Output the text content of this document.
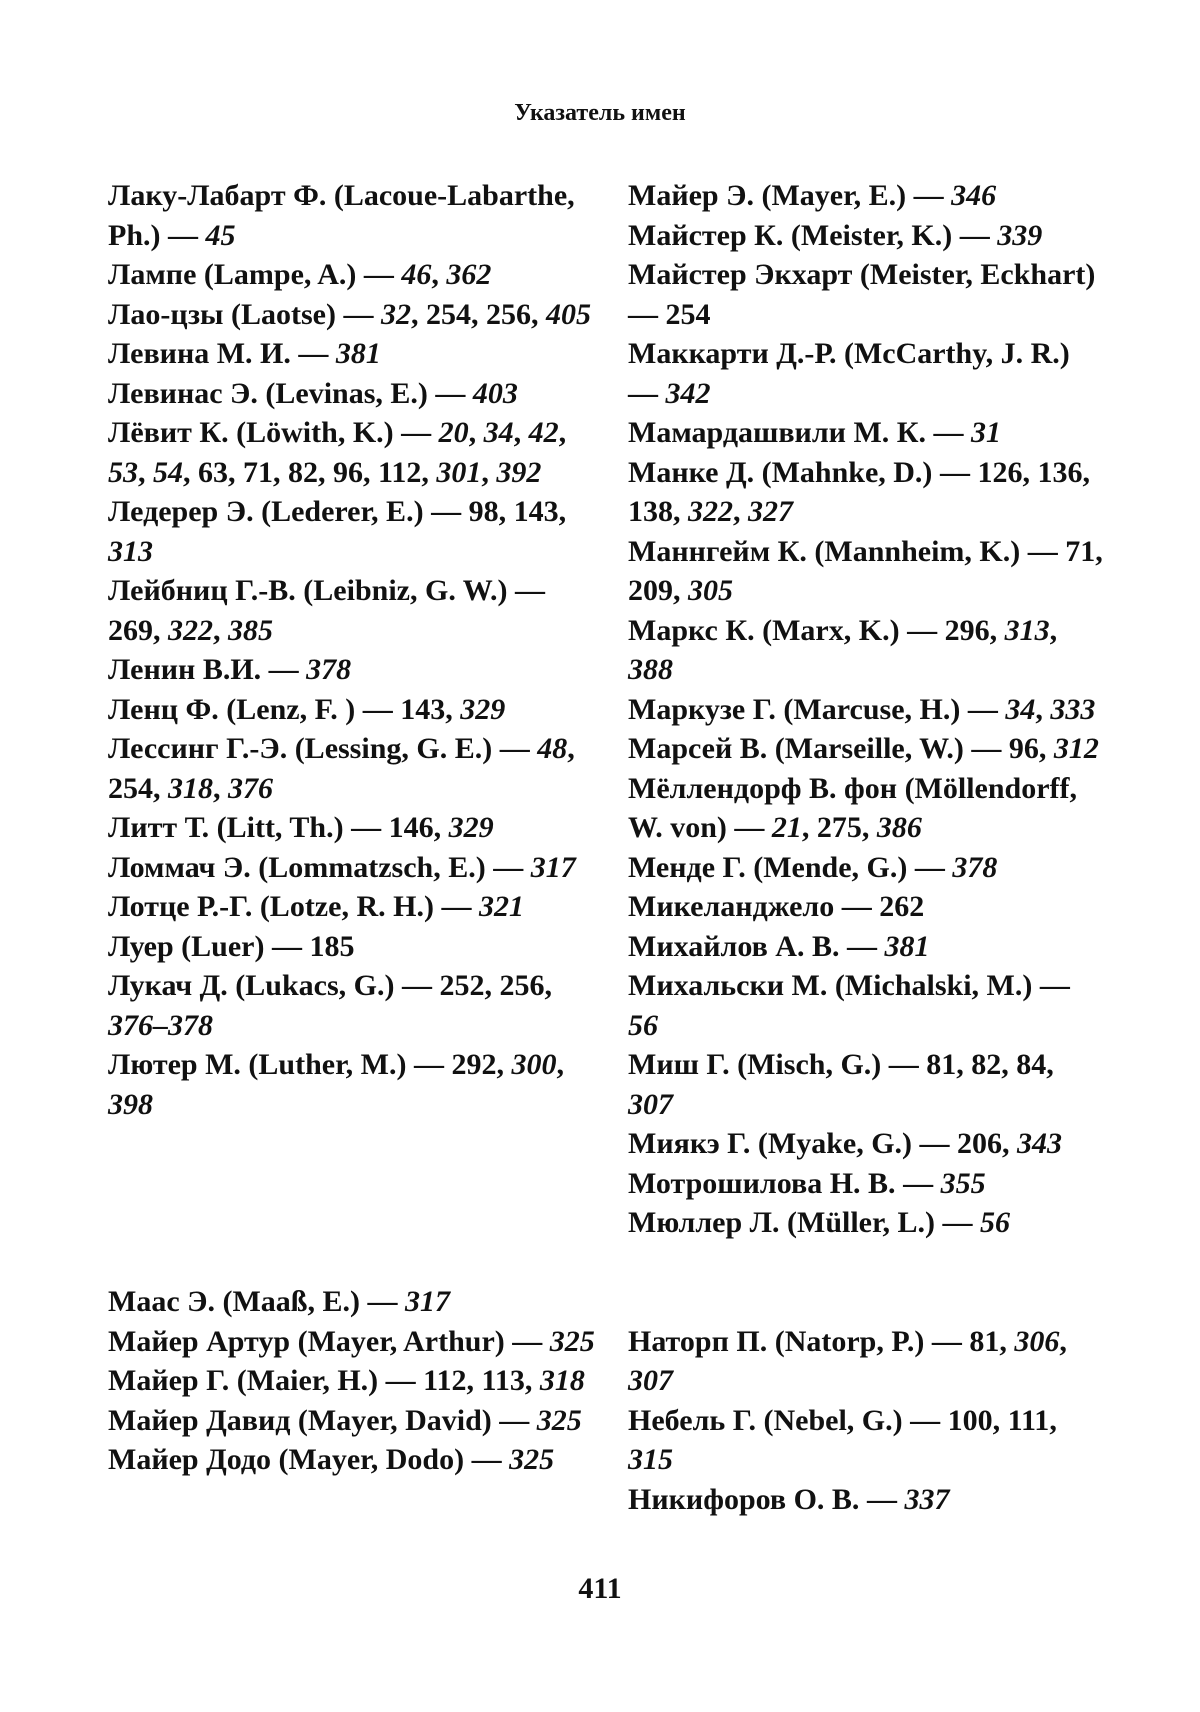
Указатель имен

Лаку-Лабарт Ф. (Lacoue-Labarthe, Ph.) — 45

Лампе (Lampe, A.) — 46, 362

Лао-цзы (Laotse) — 32, 254, 256, 405

Левина М. И. — 381

Левинас Э. (Levinas, E.) — 403

Лёвит К. (Löwith, K.) — 20, 34, 42, 53, 54, 63, 71, 82, 96, 112, 301, 392

Ледерер Э. (Lederer, E.) — 98, 143, 313

Лейбниц Г.-В. (Leibniz, G. W.) — 269, 322, 385

Ленин В.И. — 378

Ленц Ф. (Lenz, F. ) — 143, 329

Лессинг Г.-Э. (Lessing, G. E.) — 48, 254, 318, 376

Литт Т. (Litt, Th.) — 146, 329

Ломмач Э. (Lommatzsch, E.) — 317

Лотце Р.-Г. (Lotze, R. H.) — 321

Луер (Luer) — 185

Лукач Д. (Lukacs, G.) — 252, 256, 376–378

Лютер М. (Luther, M.) — 292, 300, 398

Маас Э. (Maaß, E.) — 317

Майер Артур (Mayer, Arthur) — 325

Майер Г. (Maier, H.) — 112, 113, 318

Майер Давид (Mayer, David) — 325

Майер Додо (Mayer, Dodo) — 325

Майер Э. (Mayer, E.) — 346

Майстер К. (Meister, K.) — 339

Майстер Экхарт (Meister, Eckhart) — 254

Маккарти Д.-Р. (McCarthy, J. R.) — 342

Мамардашвили М. К. — 31

Манке Д. (Mahnke, D.) — 126, 136, 138, 322, 327

Маннгейм К. (Mannheim, K.) — 71, 209, 305

Маркс К. (Marx, K.) — 296, 313, 388

Маркузе Г. (Marcuse, H.) — 34, 333

Марсей В. (Marseille, W.) — 96, 312

Мёллендорф В. фон (Möllendorff, W. von) — 21, 275, 386

Менде Г. (Mende, G.) — 378

Микеланджело — 262

Михайлов А. В. — 381

Михальски М. (Michalski, M.) — 56

Миш Г. (Misch, G.) — 81, 82, 84, 307

Миякэ Г. (Myake, G.) — 206, 343

Мотрошилова Н. В. — 355

Мюллер Л. (Müller, L.) — 56

Наторп П. (Natorp, P.) — 81, 306, 307

Небель Г. (Nebel, G.) — 100, 111, 315

Никифоров О. В. — 337

411
